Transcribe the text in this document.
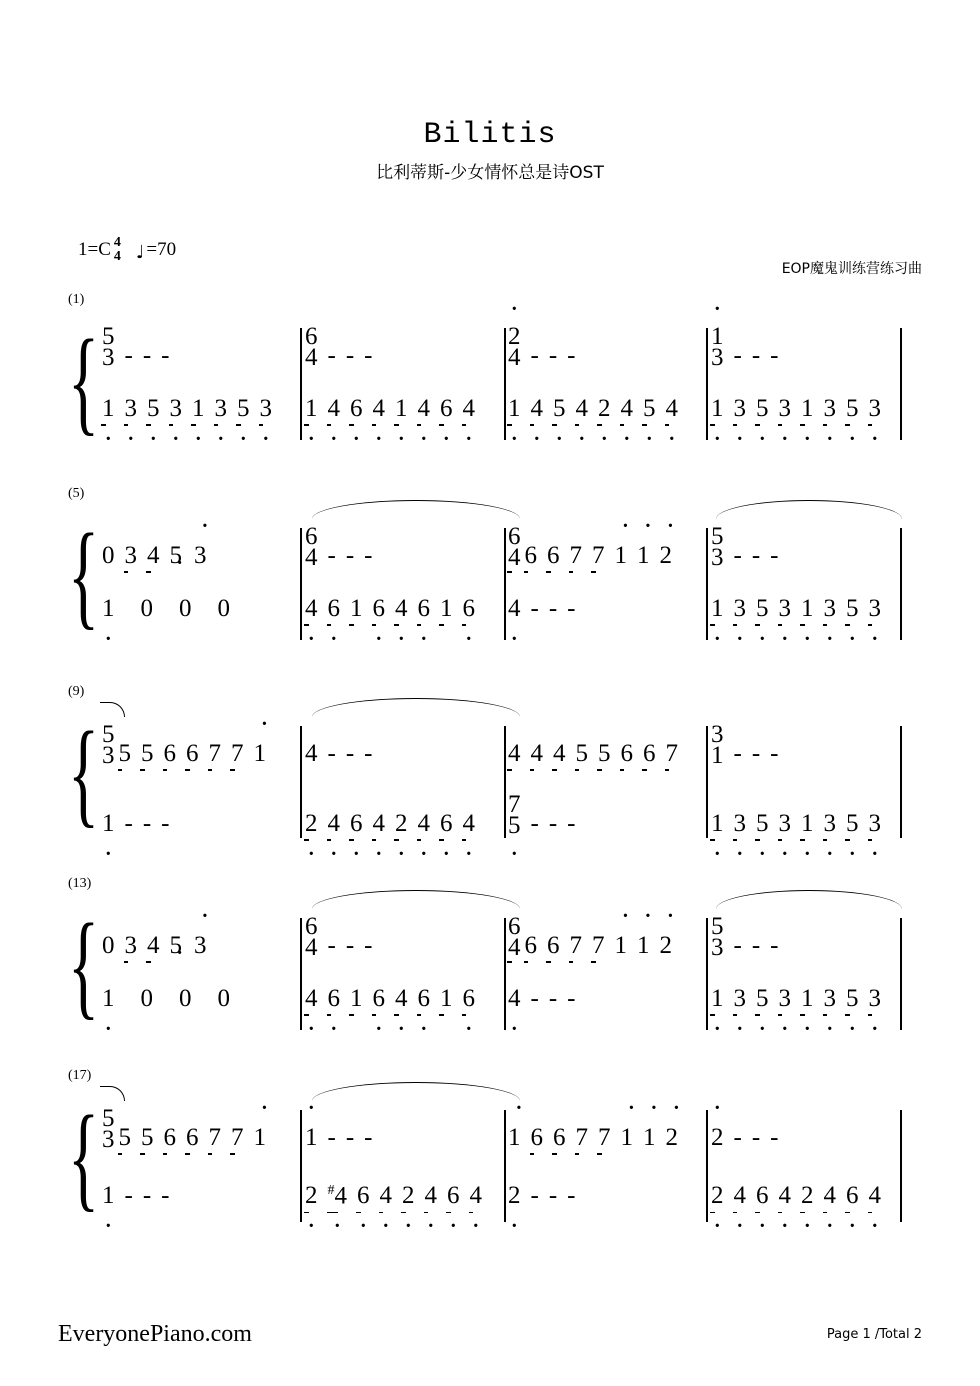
Bilitis
比利蒂斯-少女情怀总是诗OST
1=C 4
4 ♩ =70
EOP魔鬼训练营练习曲
(1)
{ 5
3 - - -
6
4 - - -
2 ·
4 - - -
1 ·
3 - - -
· 1 · 3 · 5 · 3 · 1 · 3 · 5 · 3 · 1 · 4 · 6 · 4 · 1 · 4 · 6 · 4 · 1 · 4 · 5 · 4 · 2 · 4 · 5 · 4 · 1 · 3 · 5 · 3 · 1 · 3 · 5 · 3
(5)
{ 0 3 4 5 · 3 ·
6
4 - - -
6
4 6 6 7 7 1 · 1 · 2 ·
5
3 - - -
· 1 0 0 0	· 4 · 6 1 · 6 · 4 · 6 1 · 6 · 4 - - -	· 1 · 3 · 5 · 3 · 1 · 3 · 5 · 3
(9)
{ 5
3 5 5 6 6 7 7 1 · 4 - - -	4 4 4 5 5 6 6 7
3
1 - - -
· 1 - - -	· 2 · 4 · 6 · 4 · 2 · 4 · 6 · 4
7
· 5 - - -	· 1 · 3 · 5 · 3 · 1 · 3 · 5 · 3
(13)
{ 0 3 4 5 · 3 ·
6
4 - - -
6
4 6 6 7 7 1 · 1 · 2 ·
5
3 - - -
· 1 0 0 0	· 4 · 6 1 · 6 · 4 · 6 1 · 6 · 4 - - -	· 1 · 3 · 5 · 3 · 1 · 3 · 5 · 3
(17)
{ 5
3 5 5 6 6 7 7 1 · 1 · - - -	1 · 6 6 7 7 1 · 1 · 2 · 2 · - - -
· 1 - - -	· 2 · #4 · 6 · 4 · 2 · 4 · 6 · 4 · 2 - - -	· 2 · 4 · 6 · 4 · 2 · 4 · 6 · 4
EveryonePiano.com	Page 1 /Total 2
